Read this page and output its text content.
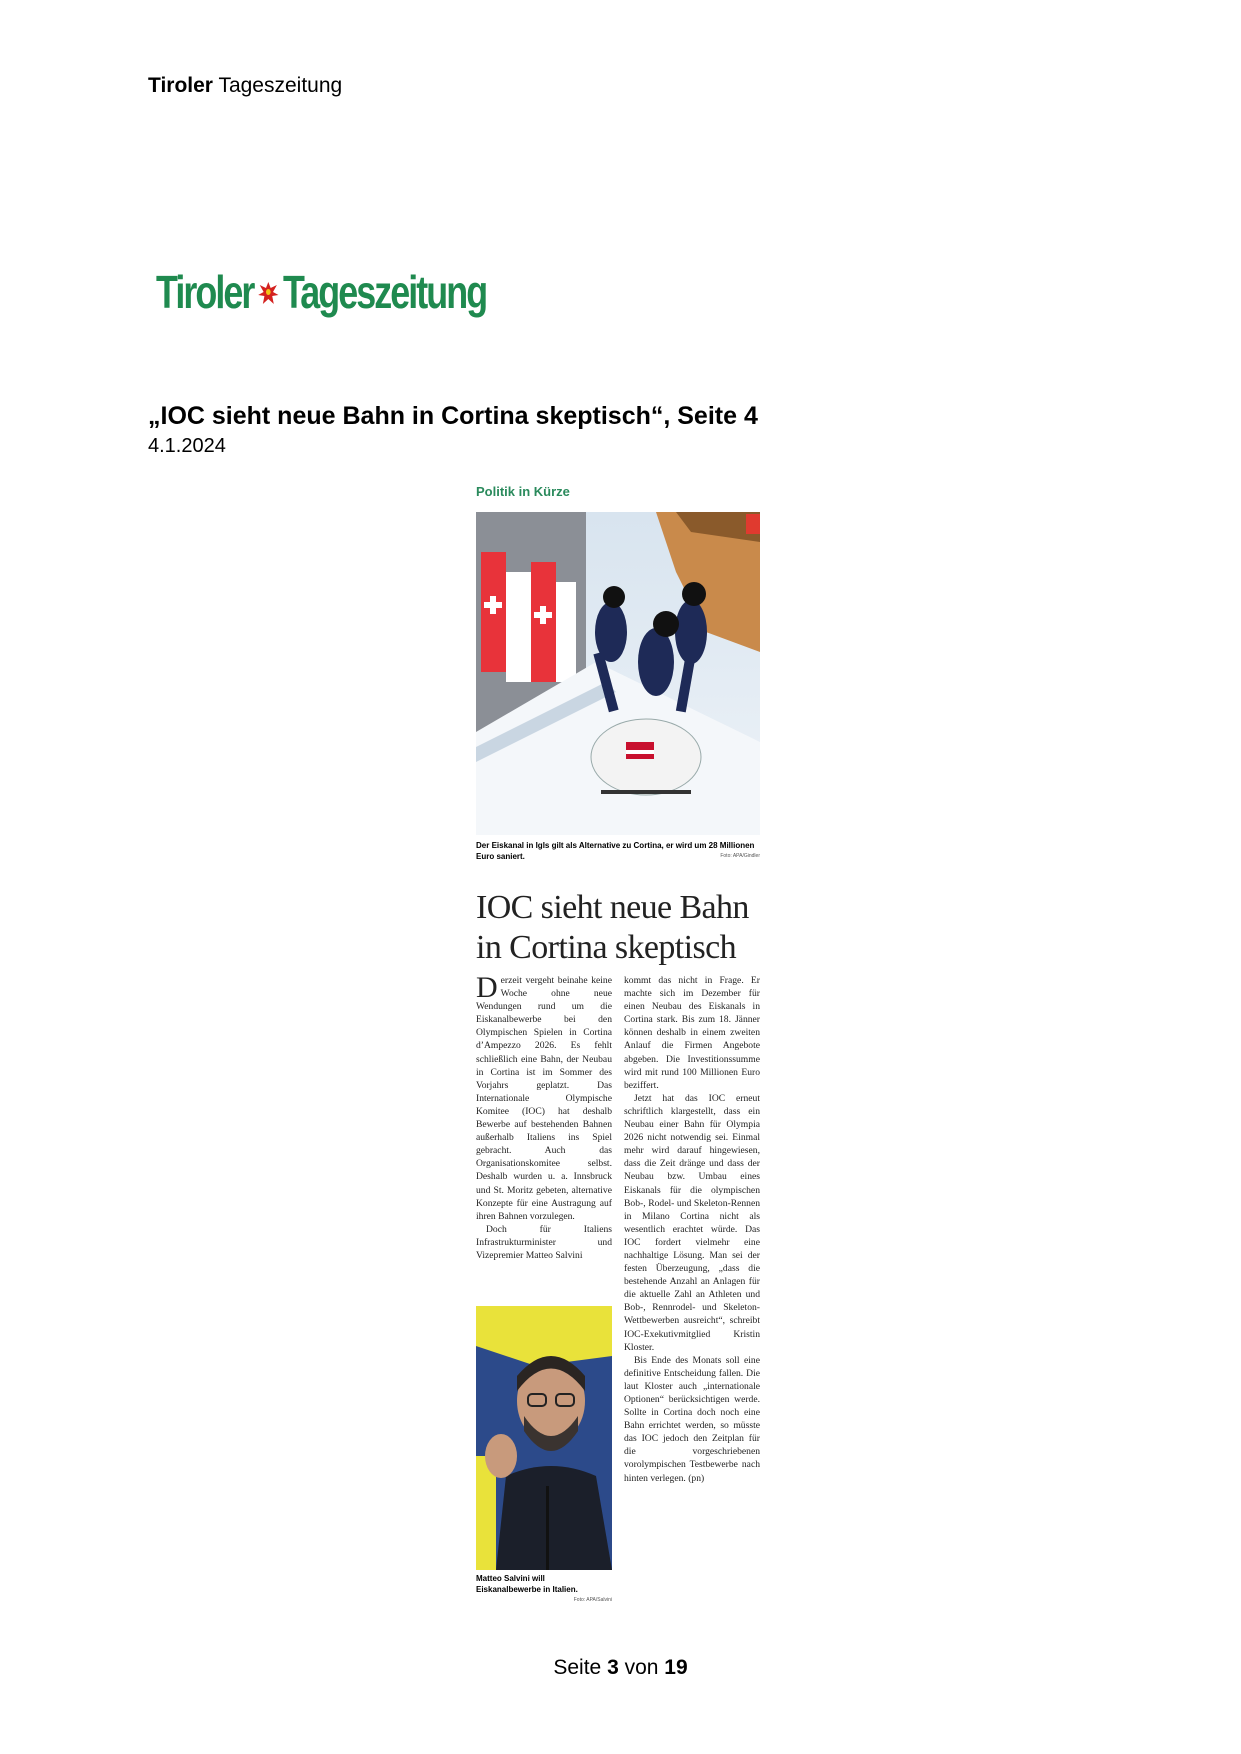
Tiroler Tageszeitung
Tiroler Tageszeitung
„IOC sieht neue Bahn in Cortina skeptisch“, Seite 4
4.1.2024
Politik in Kürze
Der Eiskanal in Igls gilt als Alternative zu Cortina, er wird um 28 Millionen Euro saniert.	Foto: APA/Gindler
IOC sieht neue Bahn in Cortina skeptisch

Derzeit vergeht beinahe keine Woche ohne neue Wendungen rund um die Eiskanalbewerbe bei den Olympischen Spielen in Cortina d’Ampezzo 2026. Es fehlt schließlich eine Bahn, der Neubau in Cortina ist im Sommer des Vorjahrs geplatzt. Das Internationale Olympische Komitee (IOC) hat deshalb Bewerbe auf bestehenden Bahnen außerhalb Italiens ins Spiel gebracht. Auch das Organisationskomitee selbst. Deshalb wurden u. a. Innsbruck und St. Moritz gebeten, alternative Konzepte für eine Austragung auf ihren Bahnen vorzulegen.

Doch für Italiens Infrastrukturminister und Vizepremier Matteo Salvini

kommt das nicht in Frage. Er machte sich im Dezember für einen Neubau des Eiskanals in Cortina stark. Bis zum 18. Jänner können deshalb in einem zweiten Anlauf die Firmen Angebote abgeben. Die Investitionssumme wird mit rund 100 Millionen Euro beziffert.

Jetzt hat das IOC erneut schriftlich klargestellt, dass ein Neubau einer Bahn für Olympia 2026 nicht notwendig sei. Einmal mehr wird darauf hingewiesen, dass die Zeit dränge und dass der Neubau bzw. Umbau eines Eiskanals für die olympischen Bob-, Rodel- und Skeleton-Rennen in Milano Cortina nicht als wesentlich erachtet würde. Das IOC fordert vielmehr eine nachhaltige Lösung. Man sei der festen Überzeugung, „dass die bestehende Anzahl an Anlagen für die aktuelle Zahl an Athleten und Bob-, Rennrodel- und Skeleton-Wettbewerben ausreicht“, schreibt IOC-Exekutivmitglied Kristin Kloster.

Bis Ende des Monats soll eine definitive Entscheidung fallen. Die laut Kloster auch „internationale Optionen“ berücksichtigen werde. Sollte in Cortina doch noch eine Bahn errichtet werden, so müsste das IOC jedoch den Zeitplan für die vorgeschriebenen vorolympischen Testbewerbe nach hinten verlegen. (pn)

Matteo Salvini will Eiskanalbewerbe in Italien.
Foto: APA/Salvini
Seite 3 von 19
